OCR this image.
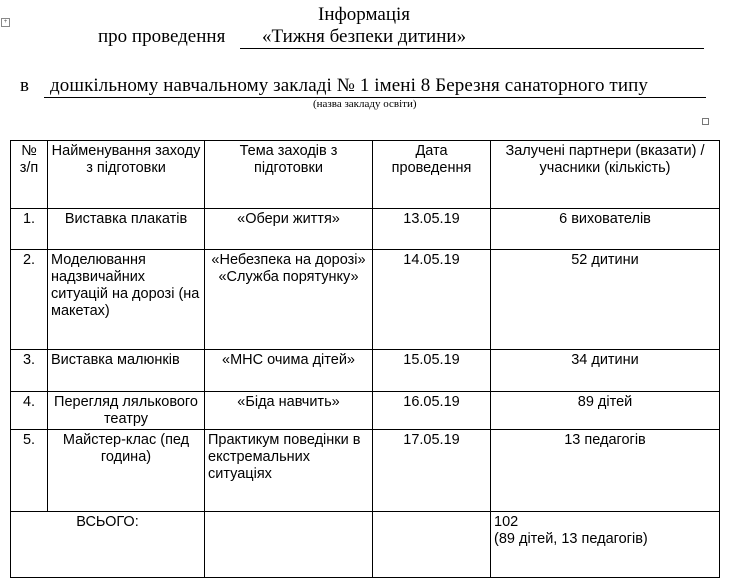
+	Інформація
про проведення «Тижня безпеки дитини»
в дошкільному навчальному закладі № 1 імені 8 Березня санаторного типу
(назва закладу освіти)
№ з/п	Найменування заходу з підготовки	Тема заходів з підготовки	Дата проведення	Залучені партнери (вказати) / учасники (кількість)
1.	Виставка плакатів	«Обери життя»	13.05.19	6 вихователів
2.	Моделювання надзвичайних ситуацій на дорозі (на макетах)	«Небезпека на дорозі» «Служба порятунку»	14.05.19	52 дитини
3.	Виставка малюнків	«МНС очима дітей»	15.05.19	34 дитини
4.	Перегляд лялькового театру	«Біда навчить»	16.05.19	89 дітей
5.	Майстер-клас (пед година)	Практикум поведінки в екстремальних ситуаціях	17.05.19	13 педагогів
ВСЬОГО:				102
(89 дітей, 13 педагогів)
